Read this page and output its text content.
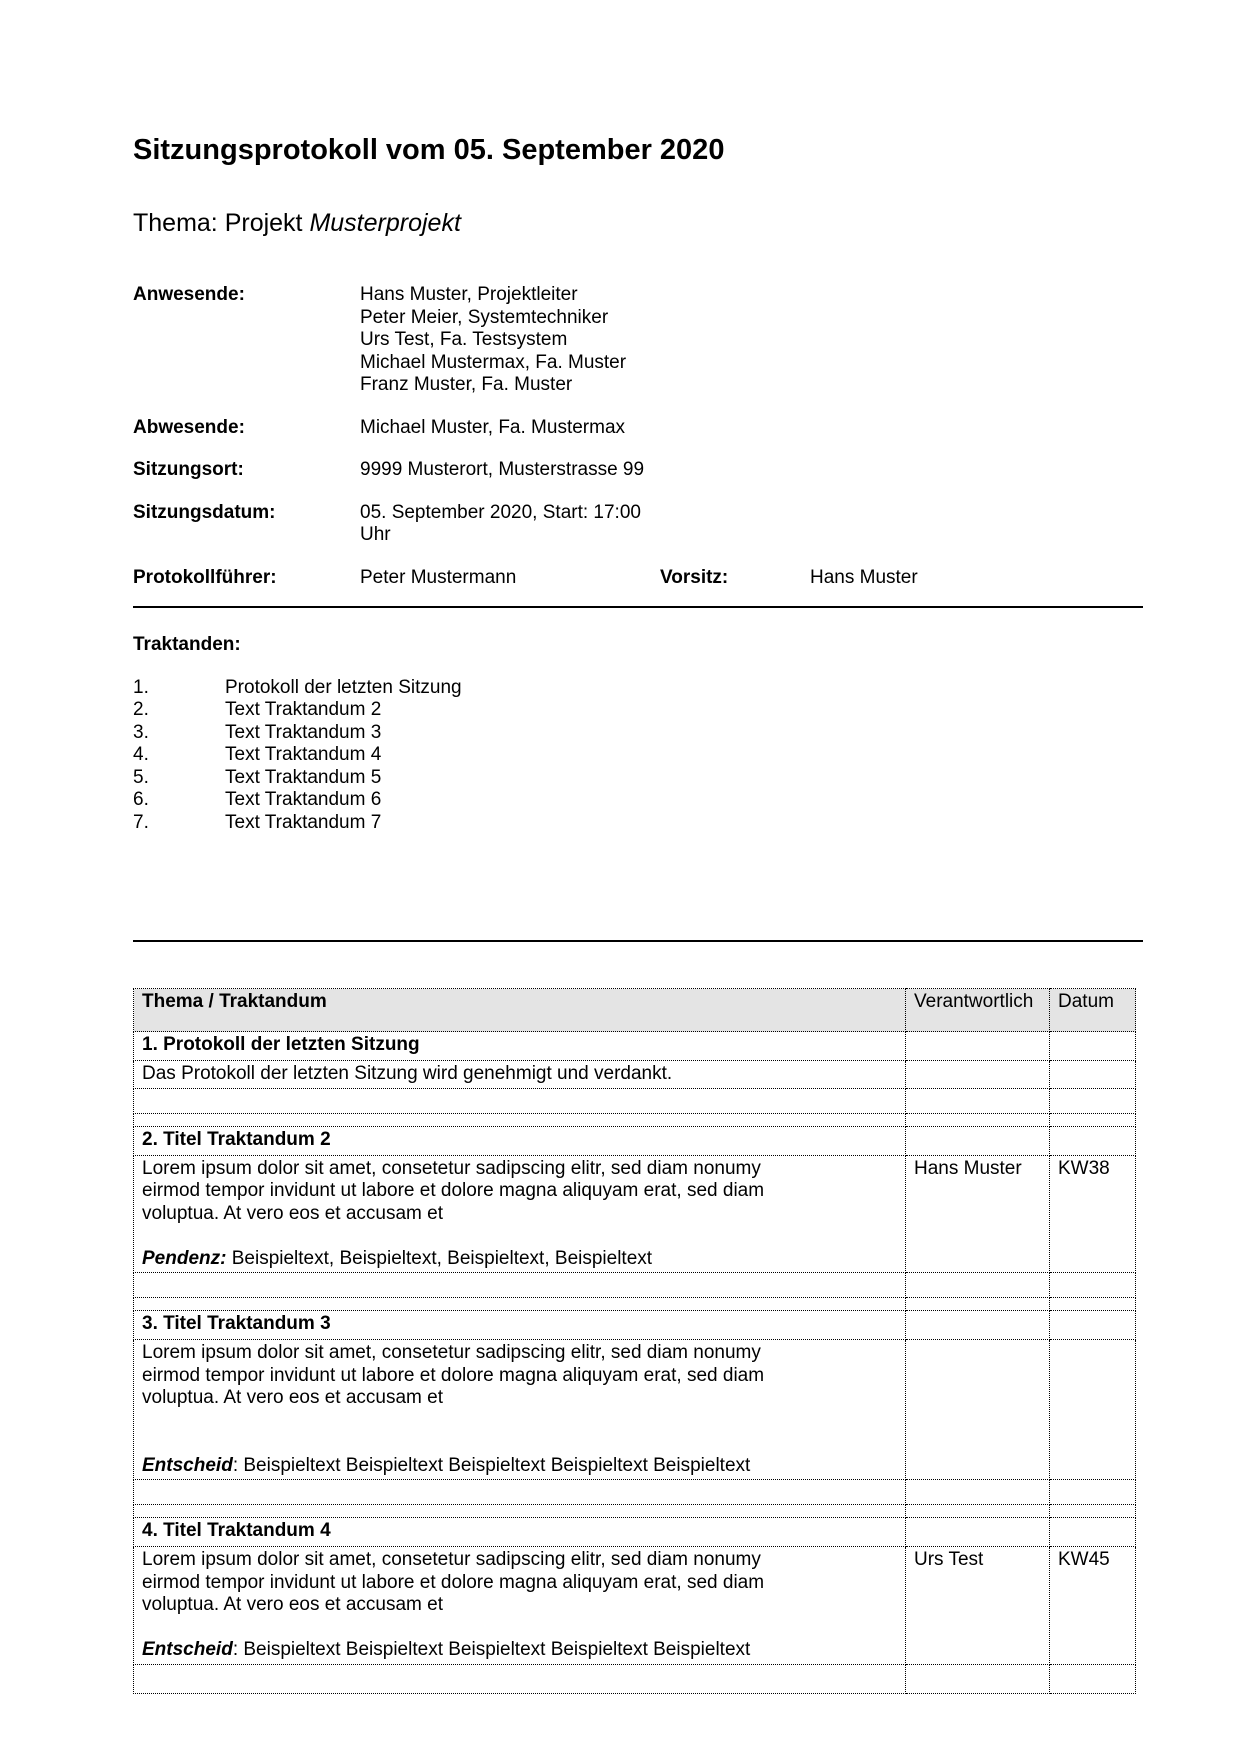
Sitzungsprotokoll vom 05. September 2020
Thema: Projekt Musterprojekt
Anwesende:	Hans Muster, Projektleiter
Peter Meier, Systemtechniker
Urs Test, Fa. Testsystem
Michael Mustermax, Fa. Muster
Franz Muster, Fa. Muster
Abwesende:	Michael Muster, Fa. Mustermax
Sitzungsort:	9999 Musterort, Musterstrasse 99
Sitzungsdatum:	05. September 2020, Start: 17:00 Uhr
Protokollführer:	Peter Mustermann	Vorsitz:	Hans Muster
Traktanden:
1.	Protokoll der letzten Sitzung
2.	Text Traktandum 2
3.	Text Traktandum 3
4.	Text Traktandum 4
5.	Text Traktandum 5
6.	Text Traktandum 6
7.	Text Traktandum 7
Thema / Traktandum	Verantwortlich	Datum
1. Protokoll der letzten Sitzung		
Das Protokoll der letzten Sitzung wird genehmigt und verdankt.		

2. Titel Traktandum 2		

Lorem ipsum dolor sit amet, consetetur sadipscing elitr, sed diam nonumy

eirmod tempor invidunt ut labore et dolore magna aliquyam erat, sed diam

voluptua. At vero eos et accusam et

Pendenz: Beispieltext, Beispieltext, Beispieltext, Beispieltext	Hans Muster	KW38

3. Titel Traktandum 3		

Lorem ipsum dolor sit amet, consetetur sadipscing elitr, sed diam nonumy

eirmod tempor invidunt ut labore et dolore magna aliquyam erat, sed diam

voluptua. At vero eos et accusam et

Entscheid: Beispieltext Beispieltext Beispieltext Beispieltext Beispieltext		

4. Titel Traktandum 4		

Lorem ipsum dolor sit amet, consetetur sadipscing elitr, sed diam nonumy

eirmod tempor invidunt ut labore et dolore magna aliquyam erat, sed diam

voluptua. At vero eos et accusam et

Entscheid: Beispieltext Beispieltext Beispieltext Beispieltext Beispieltext	Urs Test	KW45
